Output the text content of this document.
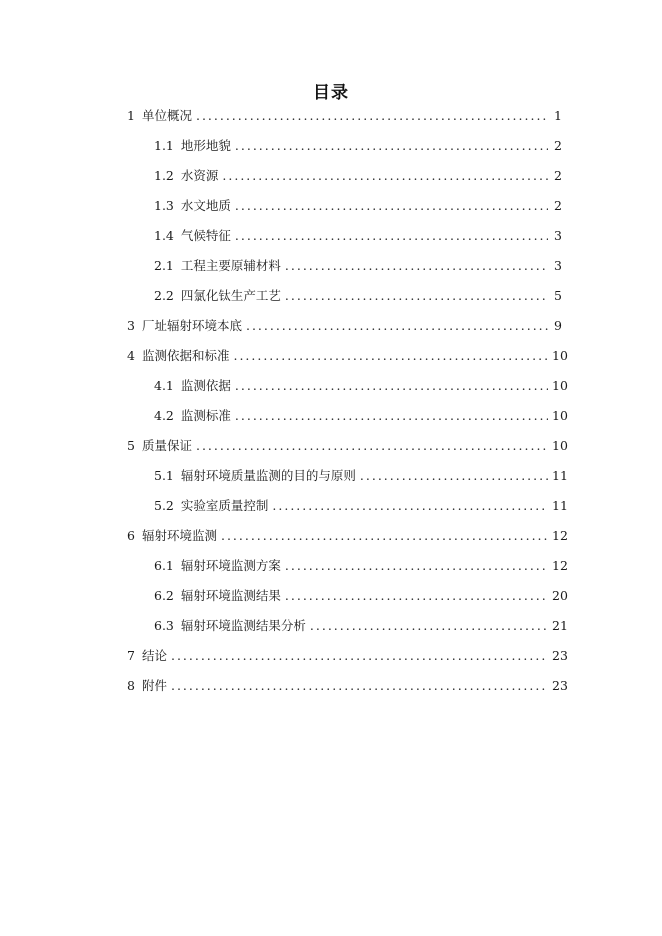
目录
1 单位概况 .....	1
1.1 地形地貌 .....	2
1.2 水资源 .....	2
1.3 水文地质 .....	2
1.4 气候特征 .....	3
2.1 工程主要原辅材料 .....	3
2.2 四氯化钛生产工艺 .....	5
3 厂址辐射环境本底 .....	9
4 监测依据和标准 .....	10
4.1 监测依据 .....	10
4.2 监测标准 .....	10
5 质量保证 .....	10
5.1 辐射环境质量监测的目的与原则 .....	11
5.2 实验室质量控制 .....	11
6 辐射环境监测 .....	12
6.1 辐射环境监测方案 .....	12
6.2 辐射环境监测结果 .....	20
6.3 辐射环境监测结果分析 .....	21
7 结论 .....	23
8 附件 .....	23
